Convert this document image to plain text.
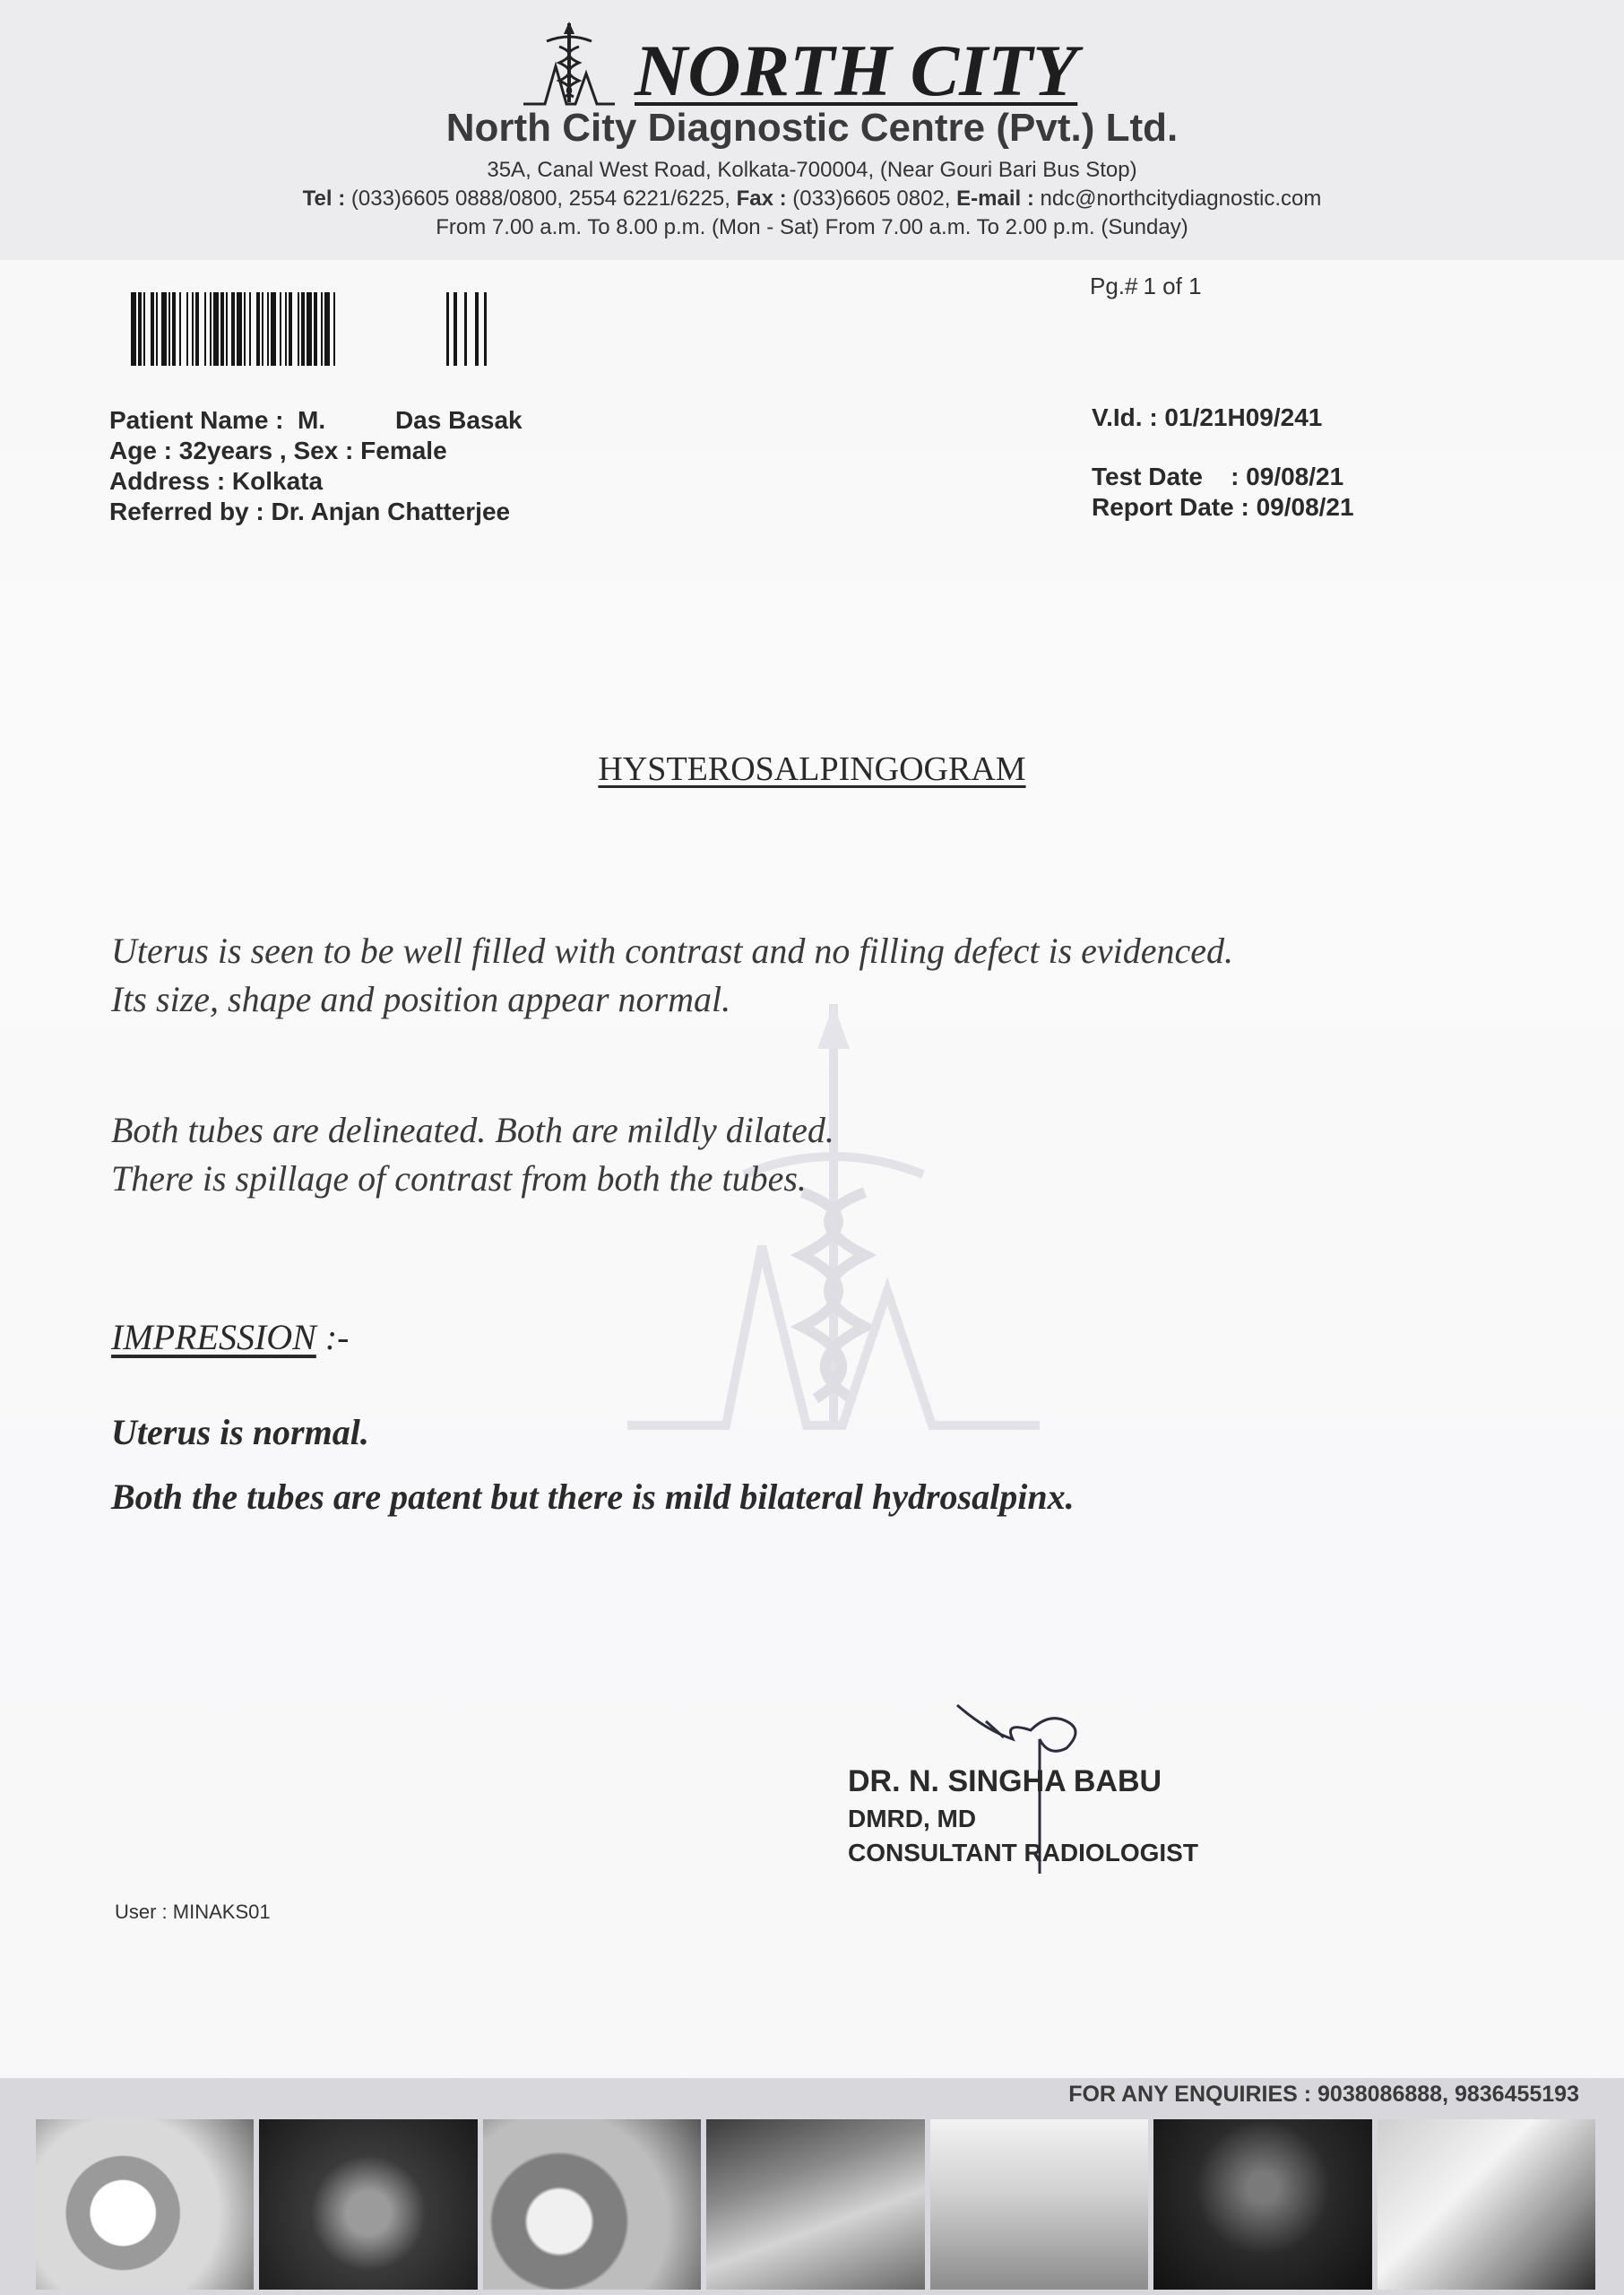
NORTH CITY
North City Diagnostic Centre (Pvt.) Ltd.
35A, Canal West Road, Kolkata-700004, (Near Gouri Bari Bus Stop)
Tel : (033)6605 0888/0800, 2554 6221/6225, Fax : (033)6605 0802, E-mail : ndc@northcitydiagnostic.com
From 7.00 a.m. To 8.00 p.m. (Mon - Sat) From 7.00 a.m. To 2.00 p.m. (Sunday)
Pg.# 1 of 1
Patient Name :  M.          Das Basak
Age : 32years , Sex : Female
Address : Kolkata
Referred by : Dr. Anjan Chatterjee
V.Id. : 01/21H09/241
Test Date    : 09/08/21
Report Date : 09/08/21
HYSTEROSALPINGOGRAM
Uterus is seen to be well filled with contrast and no filling defect is evidenced.
Its size, shape and position appear normal.
Both tubes are delineated. Both are mildly dilated.
There is spillage of contrast from both the tubes.
IMPRESSION :-
Uterus is normal.
Both the tubes are patent but there is mild bilateral hydrosalpinx.
DR. N. SINGHA BABU
DMRD, MD
CONSULTANT RADIOLOGIST
User : MINAKS01
FOR ANY ENQUIRIES : 9038086888, 9836455193
